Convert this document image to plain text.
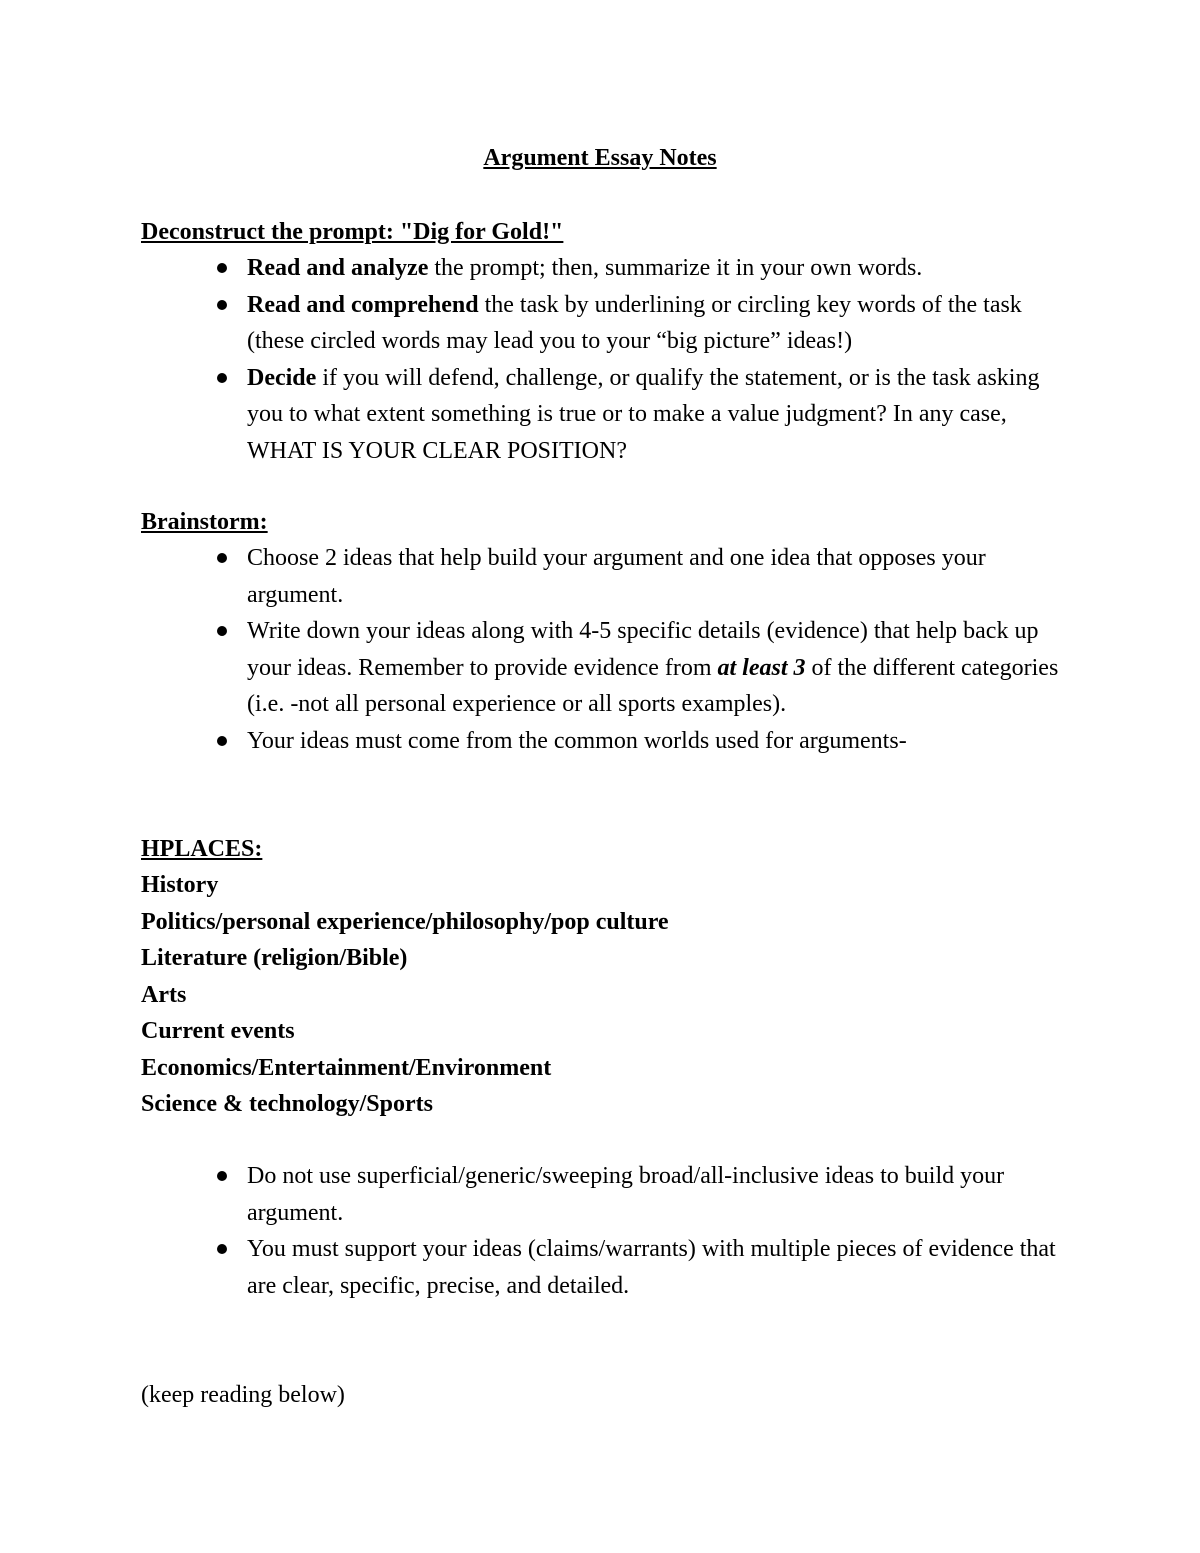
Argument Essay Notes

Deconstruct the prompt: "Dig for Gold!"

Read and analyze the prompt; then, summarize it in your own words.
Read and comprehend the task by underlining or circling key words of the task (these circled words may lead you to your “big picture” ideas!)
Decide if you will defend, challenge, or qualify the statement, or is the task asking you to what extent something is true or to make a value judgment? In any case, WHAT IS YOUR CLEAR POSITION?

Brainstorm:

Choose 2 ideas that help build your argument and one idea that opposes your argument.
Write down your ideas along with 4-5 specific details (evidence) that help back up your ideas. Remember to provide evidence from at least 3 of the different categories (i.e. -not all personal experience or all sports examples).
Your ideas must come from the common worlds used for arguments-

HPLACES:

History

Politics/personal experience/philosophy/pop culture

Literature (religion/Bible)

Arts

Current events

Economics/Entertainment/Environment

Science & technology/Sports

Do not use superficial/generic/sweeping broad/all-inclusive ideas to build your argument.
You must support your ideas (claims/warrants) with multiple pieces of evidence that are clear, specific, precise, and detailed.

(keep reading below)
